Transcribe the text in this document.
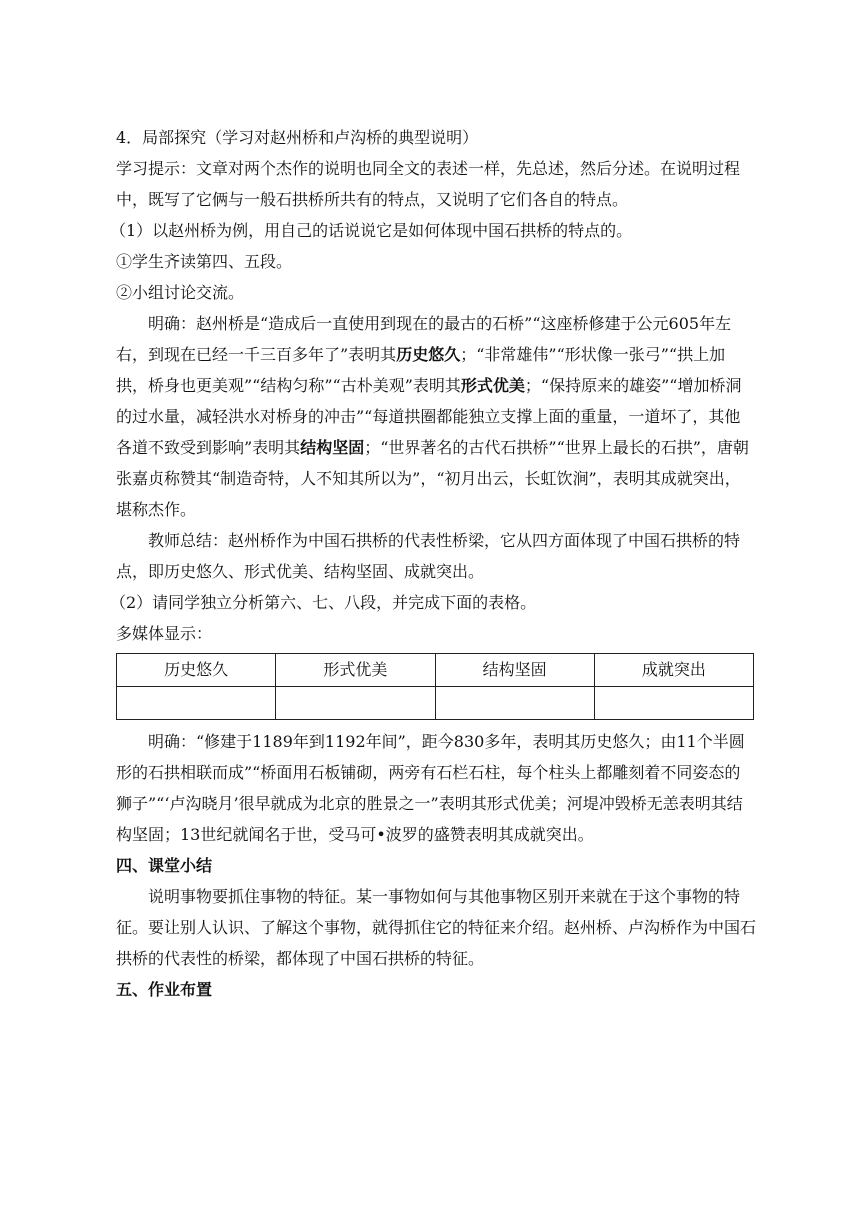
4．局部探究（学习对赵州桥和卢沟桥的典型说明）

学习提示：文章对两个杰作的说明也同全文的表述一样，先总述，然后分述。在说明过程中，既写了它俩与一般石拱桥所共有的特点，又说明了它们各自的特点。

（1）以赵州桥为例，用自己的话说说它是如何体现中国石拱桥的特点的。

①学生齐读第四、五段。

②小组讨论交流。

明确：赵州桥是“造成后一直使用到现在的最古的石桥”“这座桥修建于公元605年左右，到现在已经一千三百多年了”表明其历史悠久；“非常雄伟”“形状像一张弓”“拱上加拱，桥身也更美观”“结构匀称”“古朴美观”表明其形式优美；“保持原来的雄姿”“增加桥洞的过水量，减轻洪水对桥身的冲击”“每道拱圈都能独立支撑上面的重量，一道坏了，其他各道不致受到影响”表明其结构坚固；“世界著名的古代石拱桥”“世界上最长的石拱”，唐朝张嘉贞称赞其“制造奇特，人不知其所以为”，“初月出云，长虹饮涧”，表明其成就突出，堪称杰作。

教师总结：赵州桥作为中国石拱桥的代表性桥梁，它从四方面体现了中国石拱桥的特点，即历史悠久、形式优美、结构坚固、成就突出。

（2）请同学独立分析第六、七、八段，并完成下面的表格。

多媒体显示：

历史悠久	形式优美	结构坚固	成就突出

明确：“修建于1189年到1192年间”，距今830多年，表明其历史悠久；由11个半圆形的石拱相联而成”“桥面用石板铺砌，两旁有石栏石柱，每个柱头上都雕刻着不同姿态的狮子”“‘卢沟晓月’很早就成为北京的胜景之一”表明其形式优美；河堤冲毁桥无恙表明其结构坚固；13世纪就闻名于世，受马可•波罗的盛赞表明其成就突出。

四、课堂小结

说明事物要抓住事物的特征。某一事物如何与其他事物区别开来就在于这个事物的特征。要让别人认识、了解这个事物，就得抓住它的特征来介绍。赵州桥、卢沟桥作为中国石拱桥的代表性的桥梁，都体现了中国石拱桥的特征。

五、作业布置
